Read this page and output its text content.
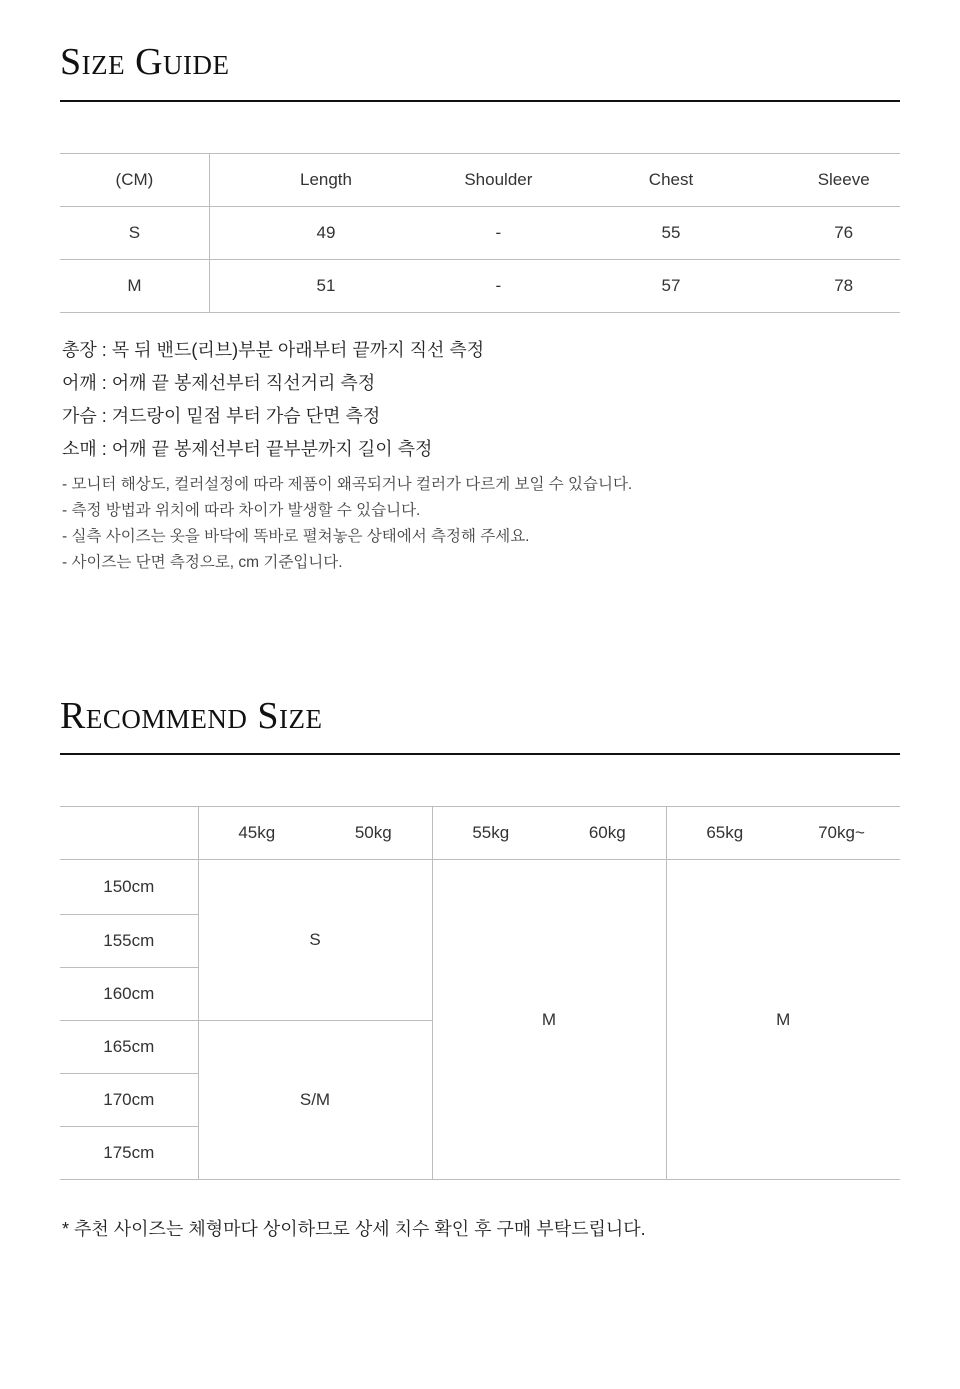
Size Guide
(CM)	Length	Shoulder	Chest	Sleeve
S	49	-	55	76
M	51	-	57	78
총장 : 목 뒤 밴드(리브)부분 아래부터 끝까지 직선 측정
어깨 : 어깨 끝 봉제선부터 직선거리 측정
가슴 : 겨드랑이 밑점 부터 가슴 단면 측정
소매 : 어깨 끝 봉제선부터 끝부분까지 길이 측정
- 모니터 해상도, 컬러설정에 따라 제품이 왜곡되거나 컬러가 다르게 보일 수 있습니다.
- 측정 방법과 위치에 따라 차이가 발생할 수 있습니다.
- 실측 사이즈는 옷을 바닥에 똑바로 펼쳐놓은 상태에서 측정해 주세요.
- 사이즈는 단면 측정으로, cm 기준입니다.
Recommend Size
	45kg	50kg	55kg	60kg	65kg	70kg~
150cm	S		M		M	
155cm						
160cm						
165cm	S/M					
170cm						
175cm						
* 추천 사이즈는 체형마다 상이하므로 상세 치수 확인 후 구매 부탁드립니다.
